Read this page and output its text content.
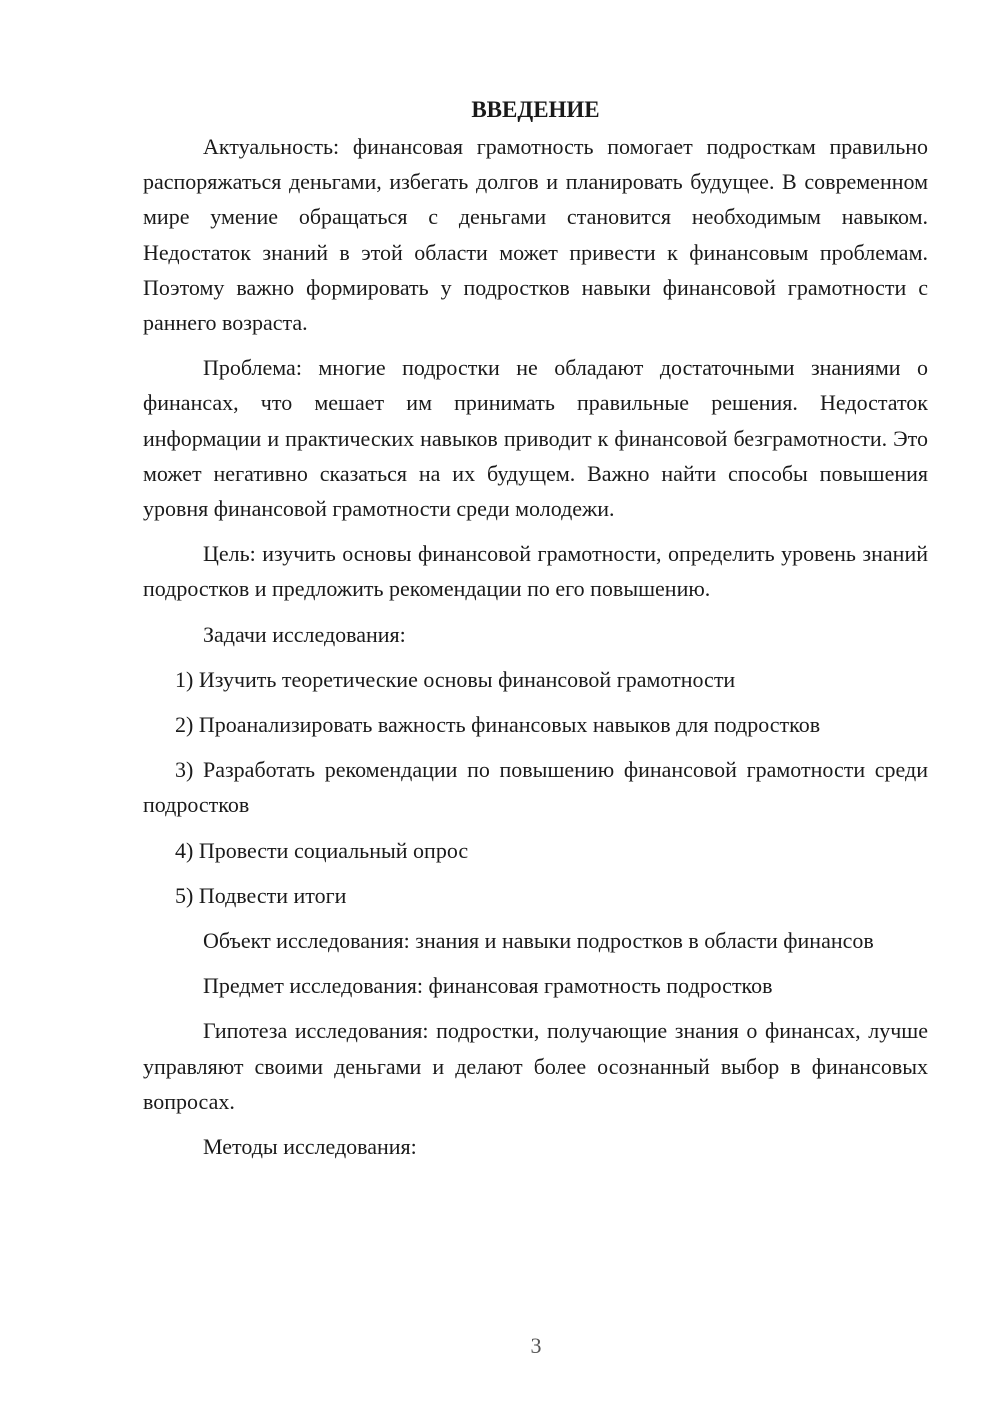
ВВЕДЕНИЕ

Актуальность: финансовая грамотность помогает подросткам правильно распоряжаться деньгами, избегать долгов и планировать будущее. В современном мире умение обращаться с деньгами становится необходимым навыком. Недостаток знаний в этой области может привести к финансовым проблемам. Поэтому важно формировать у подростков навыки финансовой грамотности с раннего возраста.

Проблема: многие подростки не обладают достаточными знаниями о финансах, что мешает им принимать правильные решения. Недостаток информации и практических навыков приводит к финансовой безграмотности. Это может негативно сказаться на их будущем. Важно найти способы повышения уровня финансовой грамотности среди молодежи.

Цель: изучить основы финансовой грамотности, определить уровень знаний подростков и предложить рекомендации по его повышению.

Задачи исследования:

1) Изучить теоретические основы финансовой грамотности

2) Проанализировать важность финансовых навыков для подростков

3) Разработать рекомендации по повышению финансовой грамотности среди подростков

4) Провести социальный опрос

5) Подвести итоги

Объект исследования: знания и навыки подростков в области финансов

Предмет исследования: финансовая грамотность подростков

Гипотеза исследования: подростки, получающие знания о финансах, лучше управляют своими деньгами и делают более осознанный выбор в финансовых вопросах.

Методы исследования:

3
